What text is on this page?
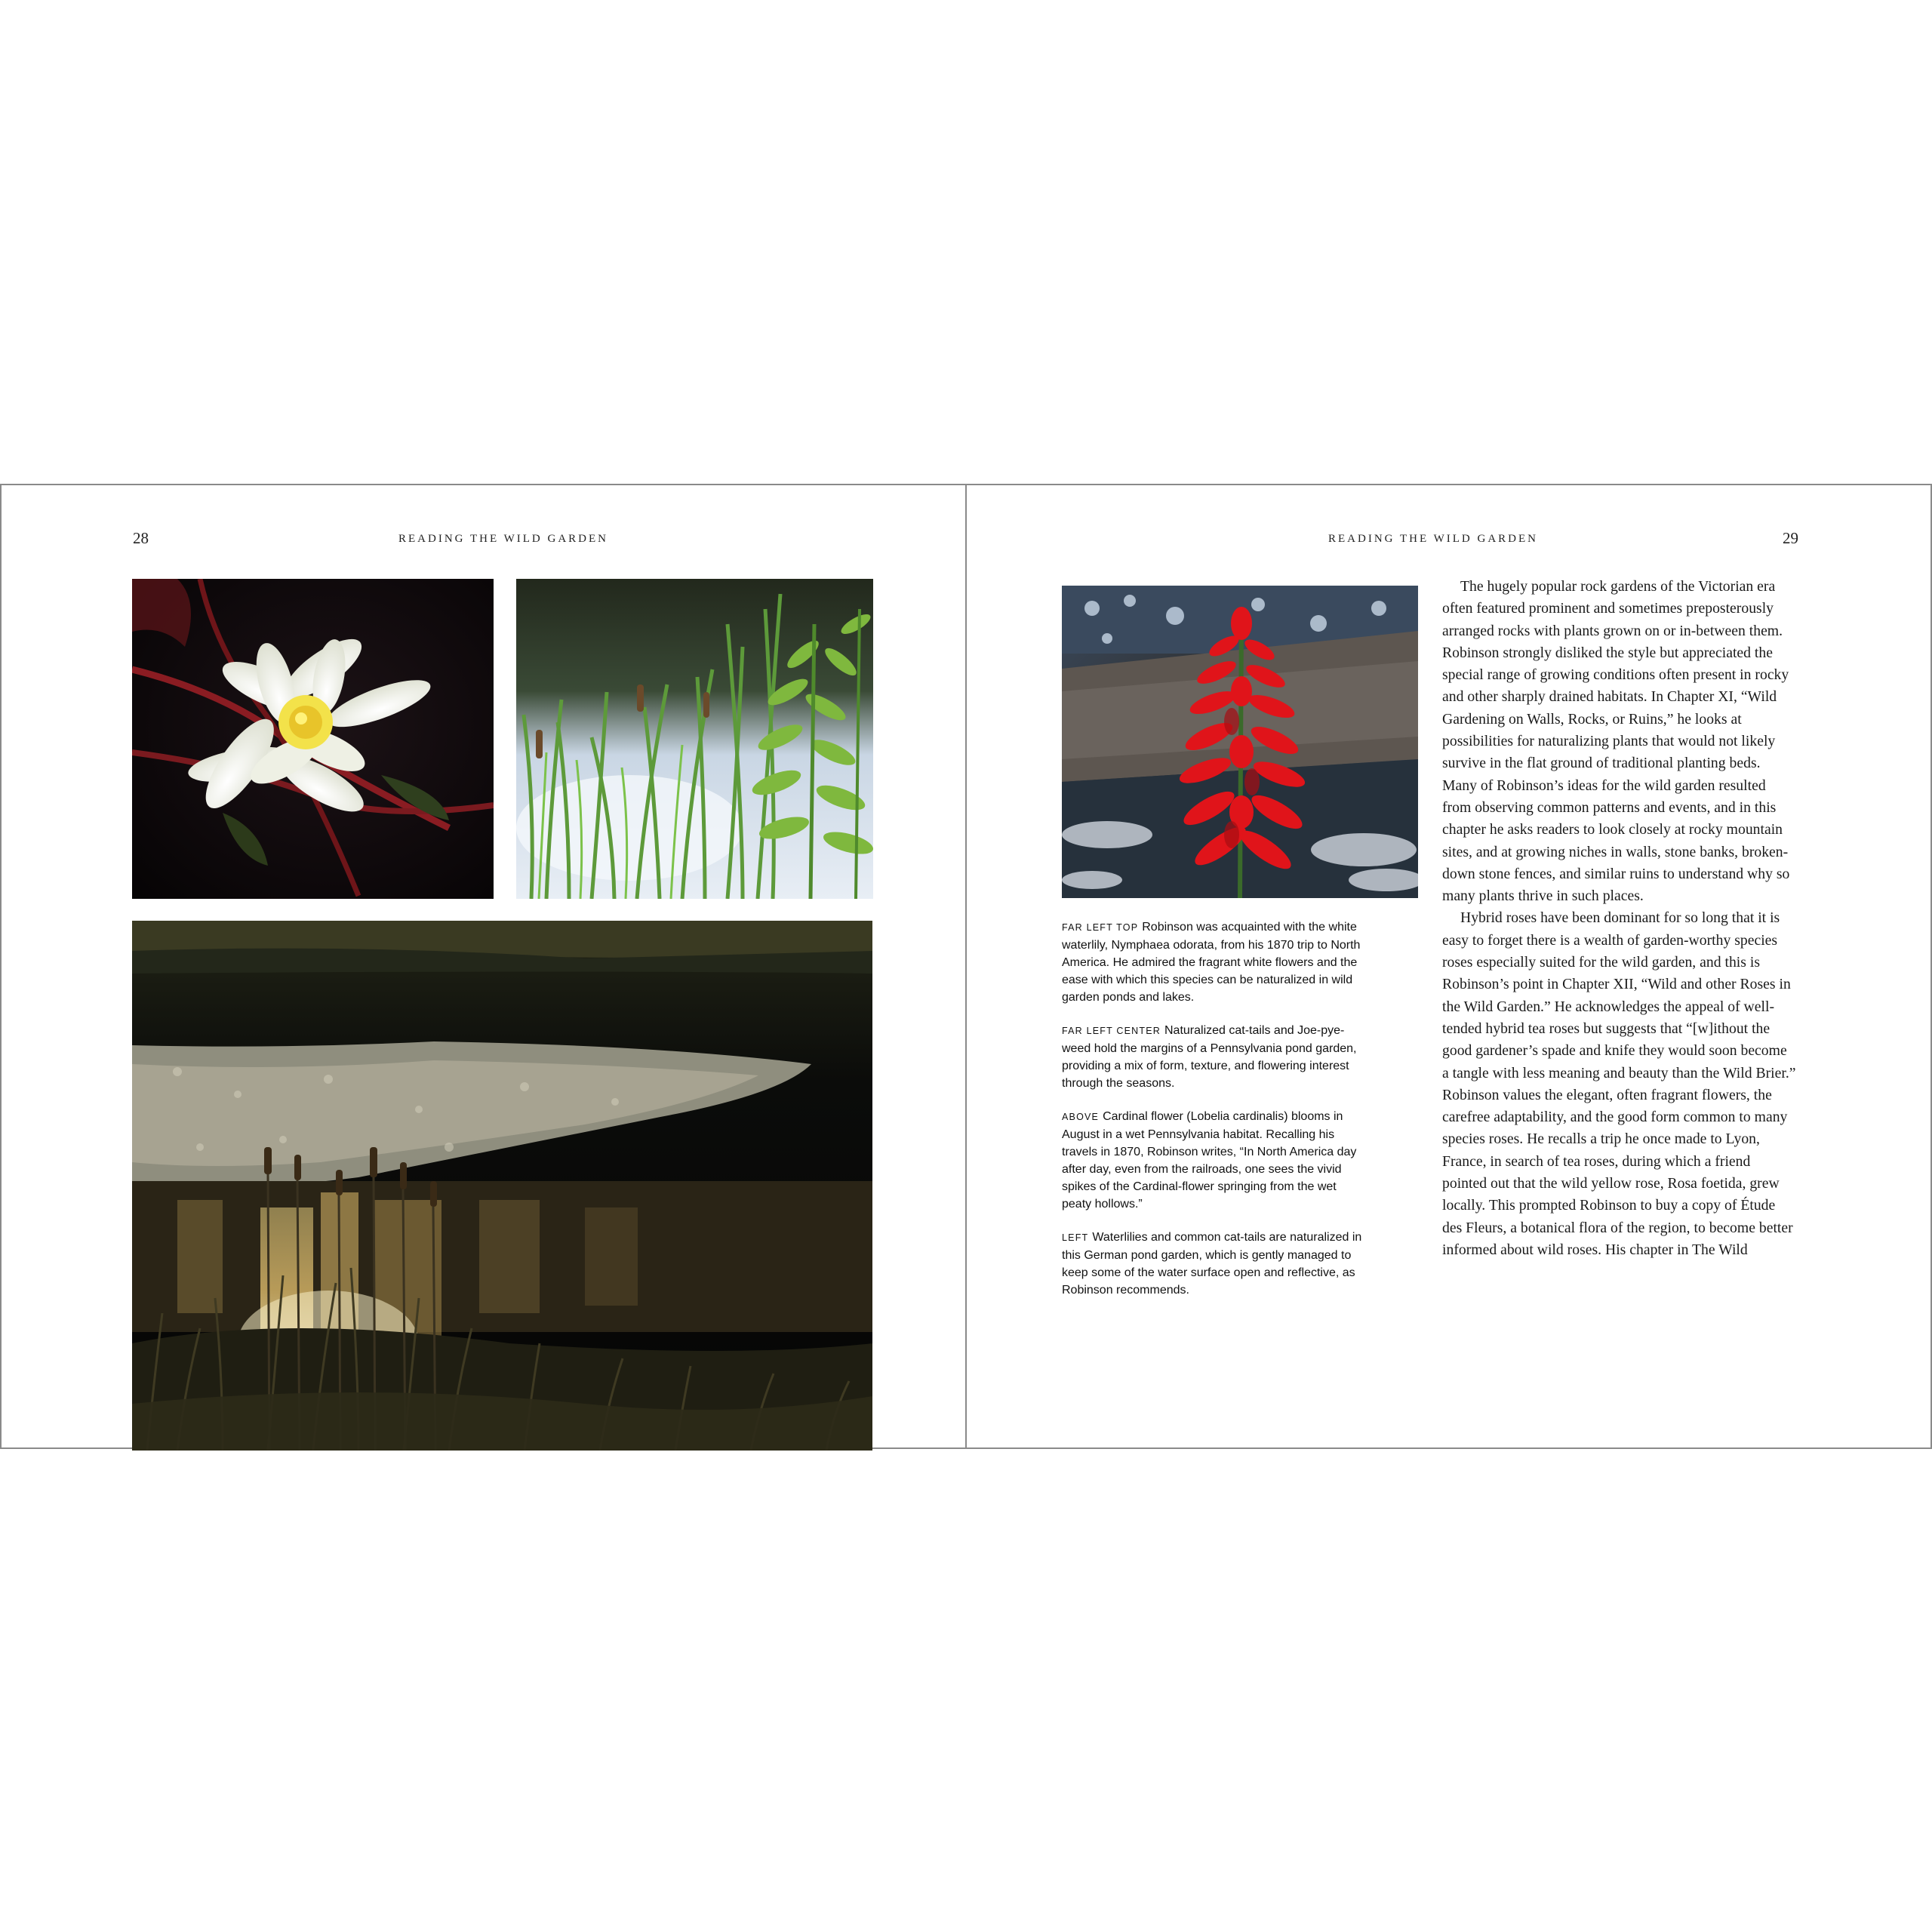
28	READING THE WILD GARDEN	READING THE WILD GARDEN	29

FAR LEFT TOP Robinson was acquainted with the white waterlily, Nymphaea odorata, from his 1870 trip to North America. He admired the fragrant white flowers and the ease with which this species can be naturalized in wild garden ponds and lakes.

FAR LEFT CENTER Naturalized cat-tails and Joe-pye-weed hold the margins of a Pennsylvania pond garden, providing a mix of form, texture, and flowering interest through the seasons.

ABOVE Cardinal flower (Lobelia cardinalis) blooms in August in a wet Pennsylvania habitat. Recalling his travels in 1870, Robinson writes, “In North America day after day, even from the railroads, one sees the vivid spikes of the Cardinal-flower springing from the wet peaty hollows.”

LEFT Waterlilies and common cat-tails are naturalized in this German pond garden, which is gently managed to keep some of the water surface open and reflective, as Robinson recommends.

The hugely popular rock gardens of the Victorian era often featured prominent and sometimes preposterously arranged rocks with plants grown on or in-between them. Robinson strongly disliked the style but appreciated the special range of growing conditions often present in rocky and other sharply drained habitats. In Chapter XI, “Wild Gardening on Walls, Rocks, or Ruins,” he looks at possibilities for naturalizing plants that would not likely survive in the flat ground of traditional planting beds. Many of Robinson’s ideas for the wild garden resulted from observing common patterns and events, and in this chapter he asks readers to look closely at rocky mountain sites, and at growing niches in walls, stone banks, broken-down stone fences, and similar ruins to understand why so many plants thrive in such places.

Hybrid roses have been dominant for so long that it is easy to forget there is a wealth of garden-worthy species roses especially suited for the wild garden, and this is Robinson’s point in Chapter XII, “Wild and other Roses in the Wild Garden.” He acknowledges the appeal of well-tended hybrid tea roses but suggests that “[w]ithout the good gardener’s spade and knife they would soon become a tangle with less meaning and beauty than the Wild Brier.” Robinson values the elegant, often fragrant flowers, the carefree adaptability, and the good form common to many species roses. He recalls a trip he once made to Lyon, France, in search of tea roses, during which a friend pointed out that the wild yellow rose, Rosa foetida, grew locally. This prompted Robinson to buy a copy of Étude des Fleurs, a botanical flora of the region, to become better informed about wild roses. His chapter in The Wild
